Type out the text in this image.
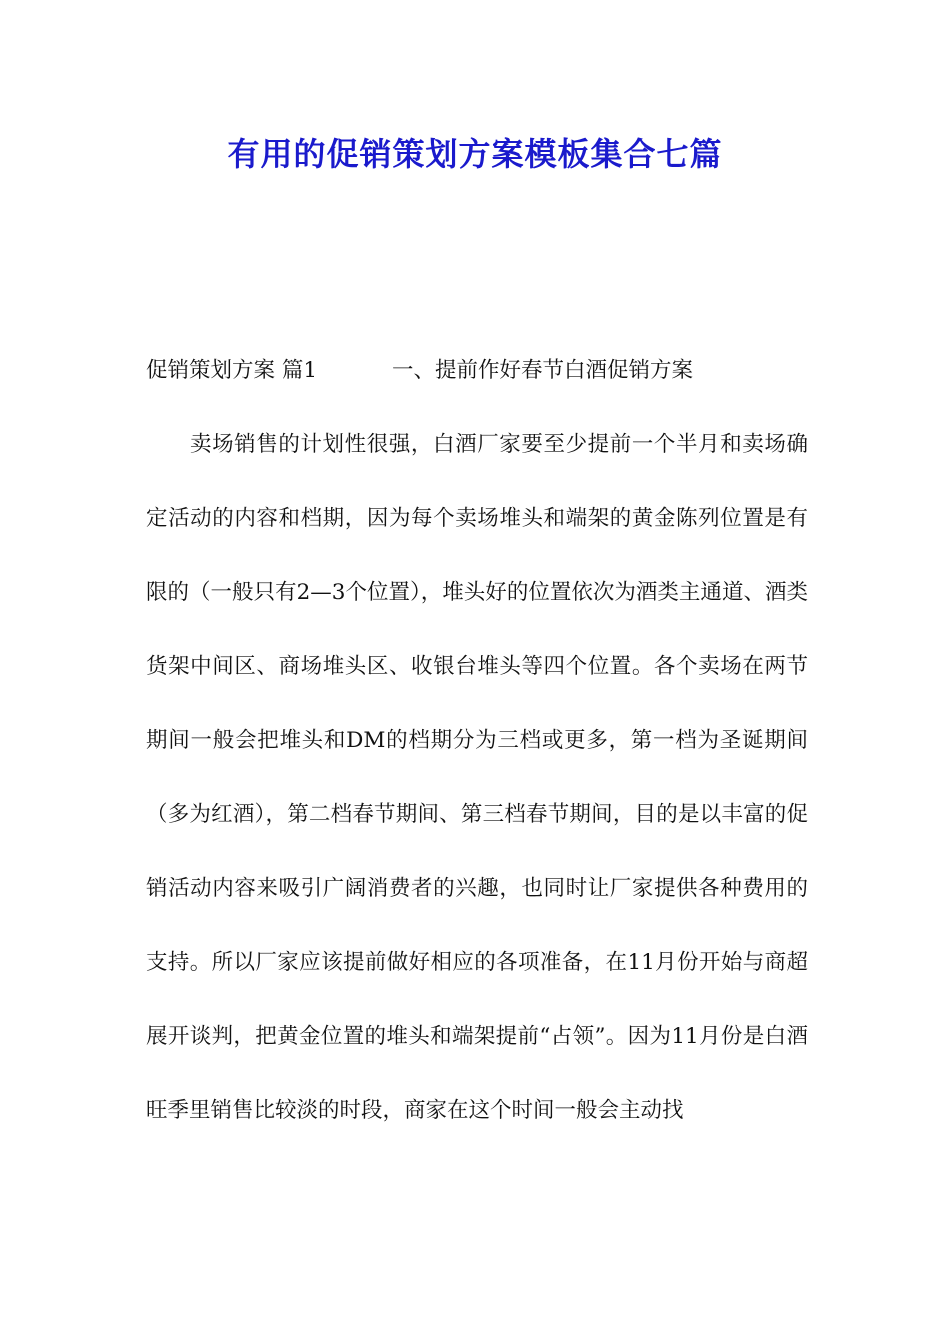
有用的促销策划方案模板集合七篇

促销策划方案 篇1	一、提前作好春节白酒促销方案

卖场销售的计划性很强，白酒厂家要至少提前一个半月和卖场确定活动的内容和档期，因为每个卖场堆头和端架的黄金陈列位置是有限的（一般只有2—3个位置），堆头好的位置依次为酒类主通道、酒类货架中间区、商场堆头区、收银台堆头等四个位置。各个卖场在两节期间一般会把堆头和DM的档期分为三档或更多，第一档为圣诞期间（多为红酒），第二档春节期间、第三档春节期间，目的是以丰富的促销活动内容来吸引广阔消费者的兴趣，也同时让厂家提供各种费用的支持。所以厂家应该提前做好相应的各项准备，在11月份开始与商超展开谈判，把黄金位置的堆头和端架提前“占领”。因为11月份是白酒旺季里销售比较淡的时段，商家在这个时间一般会主动找
